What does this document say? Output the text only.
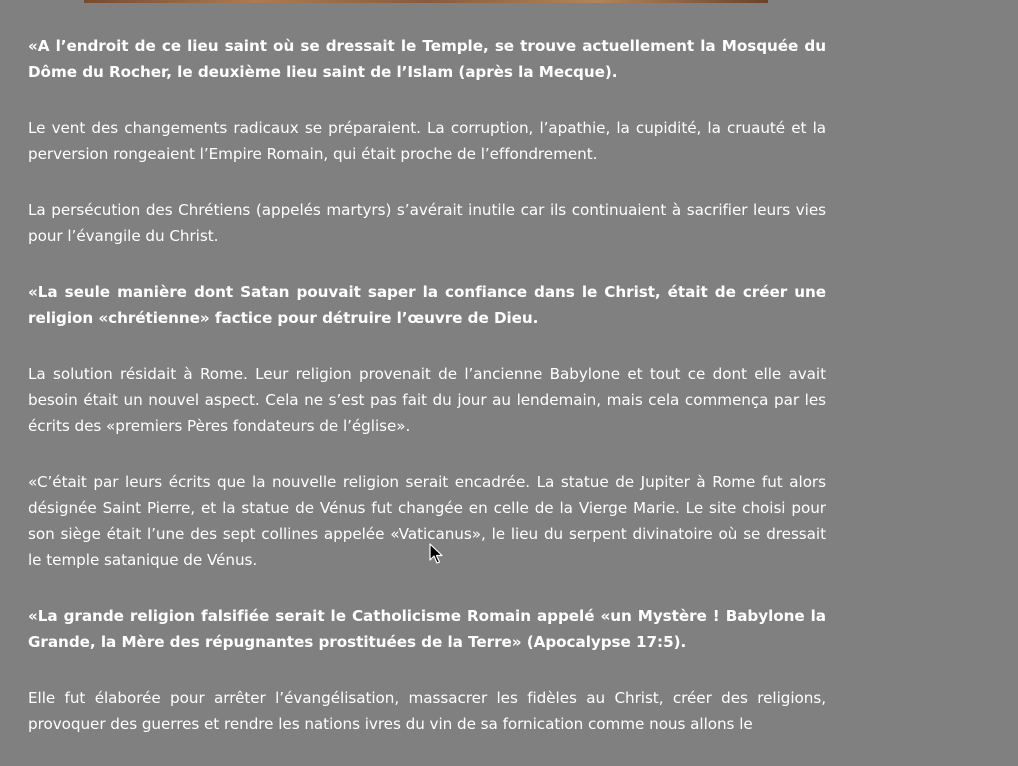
«A l’endroit de ce lieu saint où se dressait le Temple, se trouve actuellement la Mosquée du Dôme du Rocher, le deuxième lieu saint de l’Islam (après la Mecque).

Le vent des changements radicaux se préparaient. La corruption, l’apathie, la cupidité, la cruauté et la perversion rongeaient l’Empire Romain, qui était proche de l’effondrement.

La persécution des Chrétiens (appelés martyrs) s’avérait inutile car ils continuaient à sacrifier leurs vies pour l’évangile du Christ.

«La seule manière dont Satan pouvait saper la confiance dans le Christ, était de créer une religion «chrétienne» factice pour détruire l’œuvre de Dieu.

La solution résidait à Rome. Leur religion provenait de l’ancienne Babylone et tout ce dont elle avait besoin était un nouvel aspect. Cela ne s’est pas fait du jour au lendemain, mais cela commença par les écrits des «premiers Pères fondateurs de l’église».

«C’était par leurs écrits que la nouvelle religion serait encadrée. La statue de Jupiter à Rome fut alors désignée Saint Pierre, et la statue de Vénus fut changée en celle de la Vierge Marie. Le site choisi pour son siège était l’une des sept collines appelée «Vaticanus», le lieu du serpent divinatoire où se dressait le temple satanique de Vénus.

«La grande religion falsifiée serait le Catholicisme Romain appelé «un Mystère ! Babylone la Grande, la Mère des répugnantes prostituées de la Terre» (Apocalypse 17:5).

Elle fut élaborée pour arrêter l’évangélisation, massacrer les fidèles au Christ, créer des religions, provoquer des guerres et rendre les nations ivres du vin de sa fornication comme nous allons le
